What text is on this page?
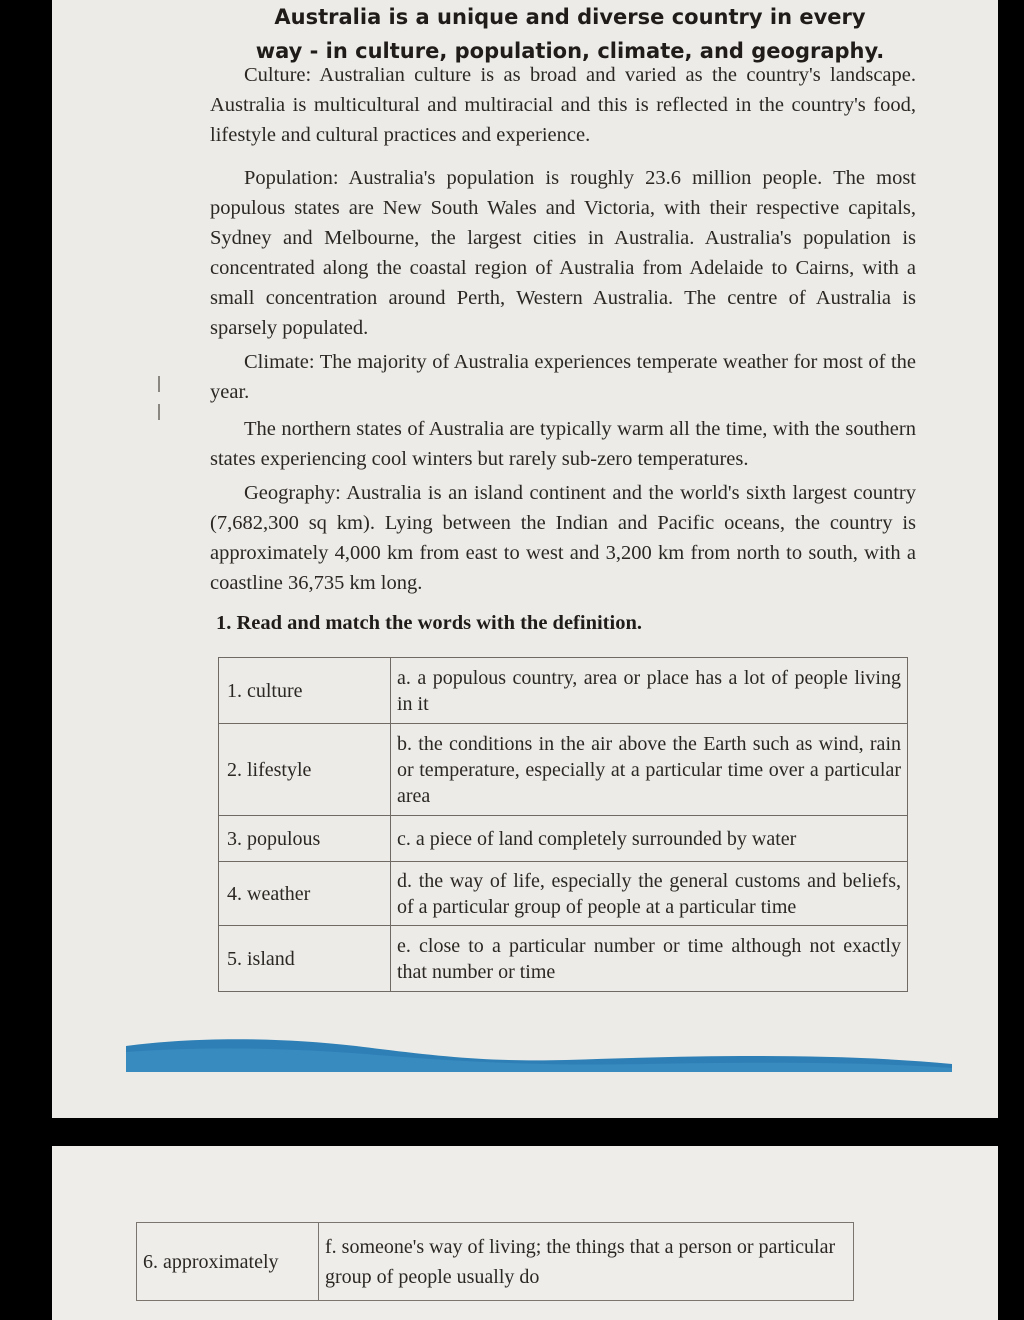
Australia is a unique and diverse country in every
way - in culture, population, climate, and geography.

Culture: Australian culture is as broad and varied as the country's landscape. Australia is multicultural and multiracial and this is reflected in the country's food, lifestyle and cultural practices and experience.

Population: Australia's population is roughly 23.6 million people. The most populous states are New South Wales and Victoria, with their respective capitals, Sydney and Melbourne, the largest cities in Australia. Australia's population is concentrated along the coastal region of Australia from Adelaide to Cairns, with a small concentration around Perth, Western Australia. The centre of Australia is sparsely populated.

Climate: The majority of Australia experiences temperate weather for most of the year.

The northern states of Australia are typically warm all the time, with the southern states experiencing cool winters but rarely sub-zero temperatures.

Geography: Australia is an island continent and the world's sixth largest country (7,682,300 sq km). Lying between the Indian and Pacific oceans, the country is approximately 4,000 km from east to west and 3,200 km from north to south, with a coastline 36,735 km long.

1. Read and match the words with the definition.
1. culture	a. a populous country, area or place has a lot of people living in it
2. lifestyle	b. the conditions in the air above the Earth such as wind, rain or temperature, especially at a particular time over a particular area
3. populous	c. a piece of land completely surrounded by water
4. weather	d. the way of life, especially the general customs and beliefs, of a particular group of people at a particular time
5. island	e. close to a particular number or time although not exactly that number or time
6. approximately	f. someone's way of living; the things that a person or particular group of people usually do
